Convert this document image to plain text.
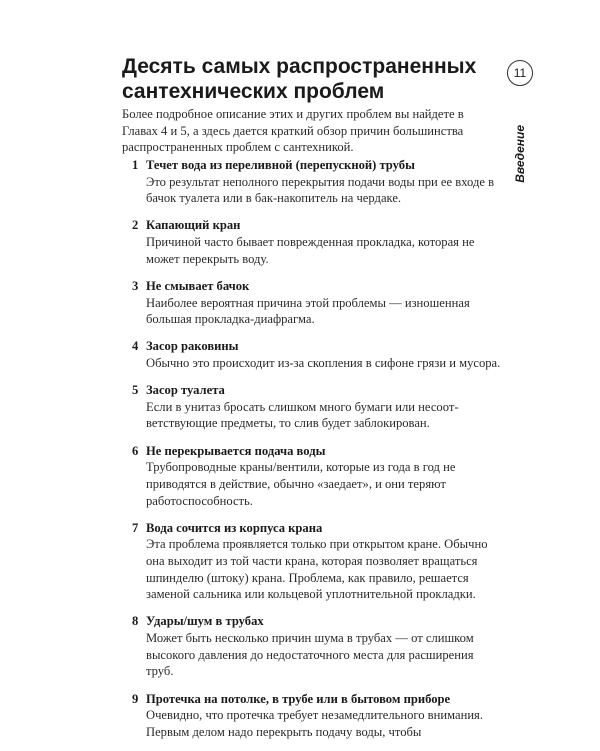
Десять самых распространенных сантехнических проблем

Более подробное описание этих и других проблем вы найдете в Главах 4 и 5, а здесь дается краткий обзор причин большинства распространенных проблем с сантехникой.

1 Течет вода из переливной (перепускной) трубы
Это результат неполного перекрытия подачи воды при ее входе в бачок туалета или в бак-накопитель на чердаке.
2 Капающий кран
Причиной часто бывает поврежденная прокладка, которая не может перекрыть воду.
3 Не смывает бачок
Наиболее вероятная причина этой проблемы — изношенная большая прокладка-диафрагма.
4 Засор раковины
Обычно это происходит из-за скопления в сифоне грязи и мусора.
5 Засор туалета
Если в унитаз бросать слишком много бумаги или несоответствующие предметы, то слив будет заблокирован.
6 Не перекрывается подача воды
Трубопроводные краны/вентили, которые из года в год не приводятся в действие, обычно «заедает», и они теряют работоспособность.
7 Вода сочится из корпуса крана
Эта проблема проявляется только при открытом кране. Обычно она выходит из той части крана, которая позволяет вращаться шпинделю (штоку) крана. Проблема, как правило, решается заменой сальника или кольцевой уплотнительной прокладки.
8 Удары/шум в трубах
Может быть несколько причин шума в трубах — от слишком высокого давления до недостаточного места для расширения труб.
9 Протечка на потолке, в трубе или в бытовом приборе
Очевидно, что протечка требует незамедлительного внимания. Первым делом надо перекрыть подачу воды, чтобы
11
Введение
